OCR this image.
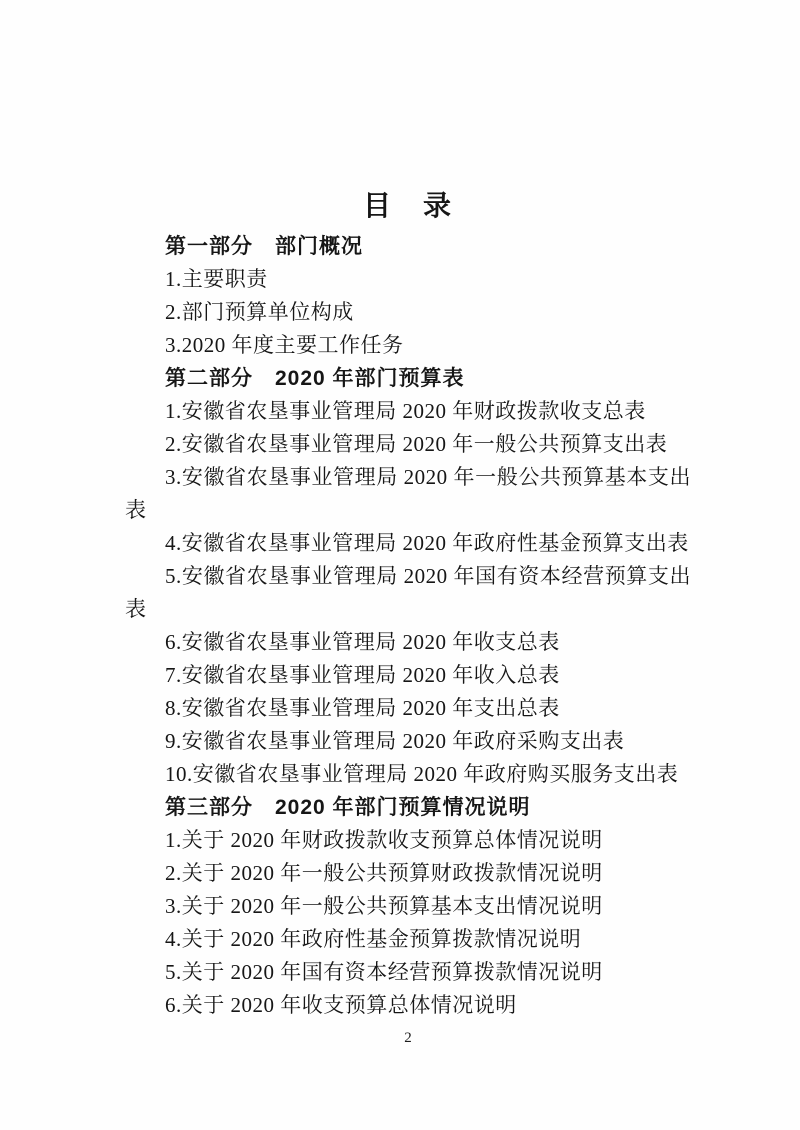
目　录

第一部分　部门概况

1.主要职责

2.部门预算单位构成

3.2020 年度主要工作任务

第二部分　2020 年部门预算表

1.安徽省农垦事业管理局 2020 年财政拨款收支总表

2.安徽省农垦事业管理局 2020 年一般公共预算支出表

3.安徽省农垦事业管理局 2020 年一般公共预算基本支出表

4.安徽省农垦事业管理局 2020 年政府性基金预算支出表

5.安徽省农垦事业管理局 2020 年国有资本经营预算支出表

6.安徽省农垦事业管理局 2020 年收支总表

7.安徽省农垦事业管理局 2020 年收入总表

8.安徽省农垦事业管理局 2020 年支出总表

9.安徽省农垦事业管理局 2020 年政府采购支出表

10.安徽省农垦事业管理局 2020 年政府购买服务支出表

第三部分　2020 年部门预算情况说明

1.关于 2020 年财政拨款收支预算总体情况说明

2.关于 2020 年一般公共预算财政拨款情况说明

3.关于 2020 年一般公共预算基本支出情况说明

4.关于 2020 年政府性基金预算拨款情况说明

5.关于 2020 年国有资本经营预算拨款情况说明

6.关于 2020 年收支预算总体情况说明

2
